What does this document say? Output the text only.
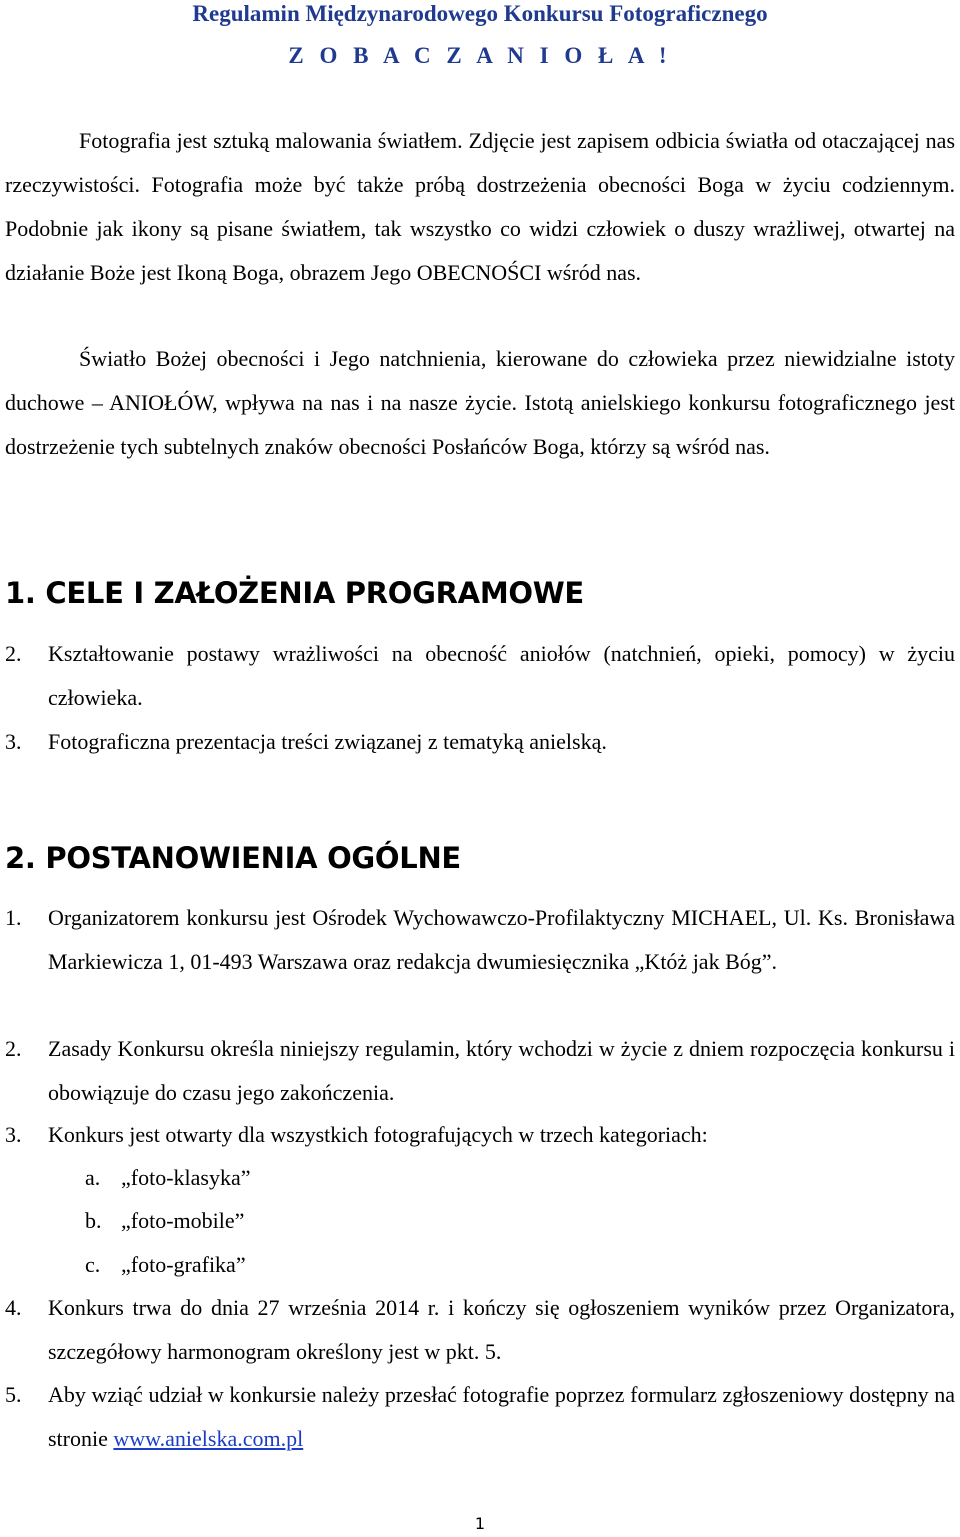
Regulamin Międzynarodowego Konkursu Fotograficznego
Z O B A C Z A N I O Ł A !
Fotografia jest sztuką malowania światłem. Zdjęcie jest zapisem odbicia światła od otaczającej nas rzeczywistości. Fotografia może być także próbą dostrzeżenia obecności Boga w życiu codziennym. Podobnie jak ikony są pisane światłem, tak wszystko co widzi człowiek o duszy wrażliwej, otwartej na działanie Boże jest Ikoną Boga, obrazem Jego OBECNOŚCI wśród nas.
Światło Bożej obecności i Jego natchnienia, kierowane do człowieka przez niewidzialne istoty duchowe – ANIOŁÓW, wpływa na nas i na nasze życie. Istotą anielskiego konkursu fotograficznego jest dostrzeżenie tych subtelnych znaków obecności Posłańców Boga, którzy są wśród nas.
1. CELE I ZAŁOŻENIA PROGRAMOWE
2. Kształtowanie postawy wrażliwości na obecność aniołów (natchnień, opieki, pomocy) w życiu człowieka.
3. Fotograficzna prezentacja treści związanej z tematyką anielską.
2. POSTANOWIENIA OGÓLNE
1. Organizatorem konkursu jest Ośrodek Wychowawczo-Profilaktyczny MICHAEL, Ul. Ks. Bronisława Markiewicza 1, 01-493 Warszawa oraz redakcja dwumiesięcznika „Któż jak Bóg”.
2. Zasady Konkursu określa niniejszy regulamin, który wchodzi w życie z dniem rozpoczęcia konkursu i obowiązuje do czasu jego zakończenia.
3. Konkurs jest otwarty dla wszystkich fotografujących w trzech kategoriach:
a. „foto-klasyka”
b. „foto-mobile”
c. „foto-grafika”
4. Konkurs trwa do dnia 27 września 2014 r. i kończy się ogłoszeniem wyników przez Organizatora, szczegółowy harmonogram określony jest w pkt. 5.
5. Aby wziąć udział w konkursie należy przesłać fotografie poprzez formularz zgłoszeniowy dostępny na stronie www.anielska.com.pl
1
